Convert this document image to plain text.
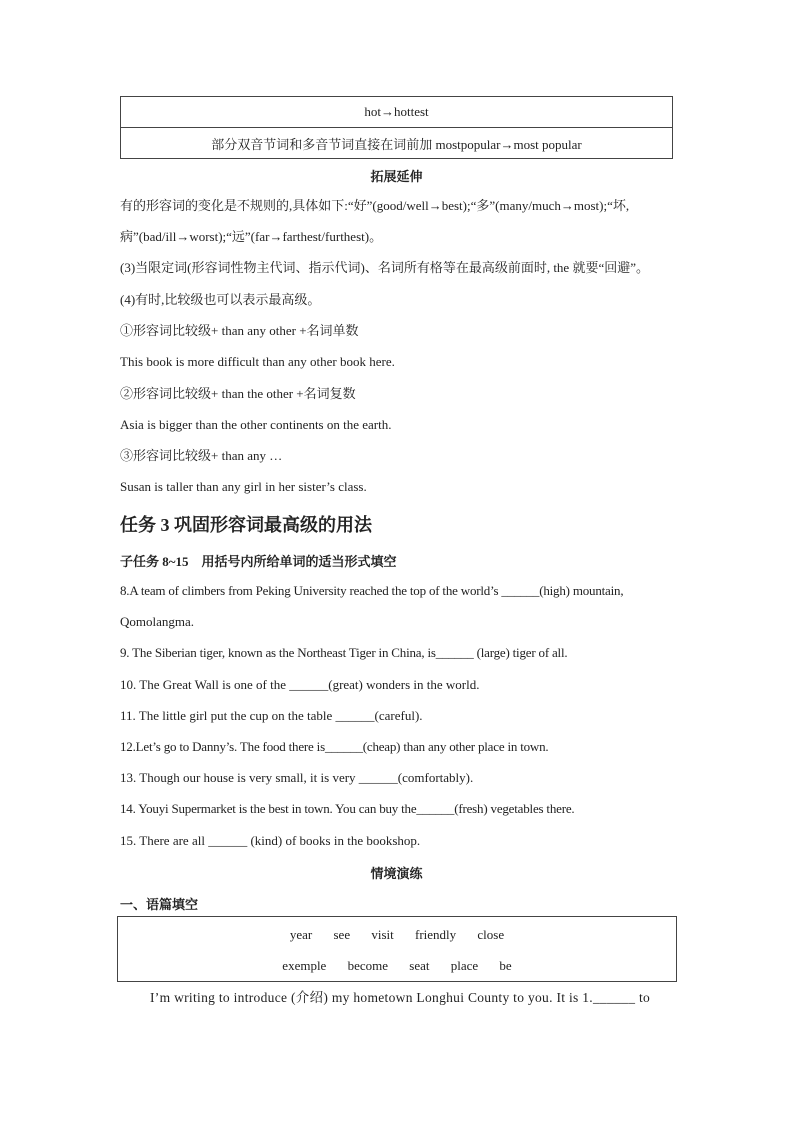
hot→hottest
部分双音节词和多音节词直接在词前加 mostpopular→most popular
拓展延伸
有的形容词的变化是不规则的,具体如下:“好”(good/well→best);“多”(many/much→most);“坏,
病”(bad/ill→worst);“远”(far→farthest/furthest)。
(3)当限定词(形容词性物主代词、指示代词)、名词所有格等在最高级前面时, the 就要“回避”。
(4)有时,比较级也可以表示最高级。
①形容词比较级+ than any other +名词单数
This book is more difficult than any other book here.
②形容词比较级+ than the other +名词复数
Asia is bigger than the other continents on the earth.
③形容词比较级+ than any …
Susan is taller than any girl in her sister’s class.
任务 3 巩固形容词最高级的用法
子任务 8~15　用括号内所给单词的适当形式填空
8.A team of climbers from Peking University reached the top of the world’s ______(high) mountain,
Qomolangma.
9. The Siberian tiger, known as the Northeast Tiger in China, is______ (large) tiger of all.
10. The Great Wall is one of the ______(great) wonders in the world.
11. The little girl put the cup on the table ______(careful).
12.Let’s go to Danny’s. The food there is______(cheap) than any other place in town.
13. Though our house is very small, it is very ______(comfortably).
14. Youyi Supermarket is the best in town. You can buy the______(fresh) vegetables there.
15. There are all ______ (kind) of books in the bookshop.
情境演练
一、语篇填空
year see visit friendly close
exemple become seat place be
I’m writing to introduce (介绍) my hometown Longhui County to you. It is 1.______ to
